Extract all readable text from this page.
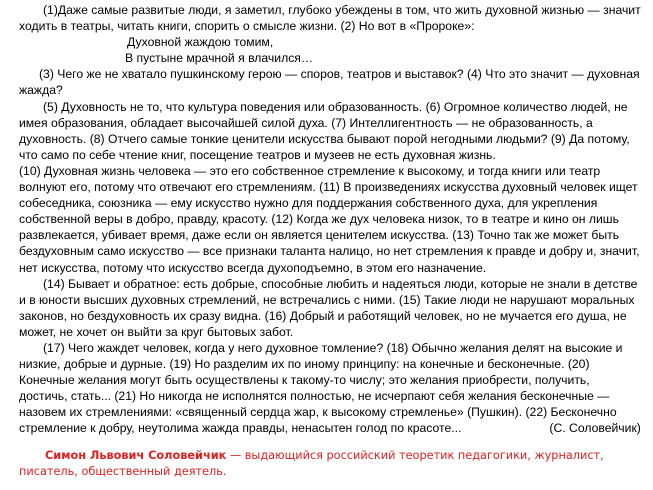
(1)Даже самые развитые люди, я заметил, глубоко убеждены в том, что жить духовной жизнью — значит ходить в театры, читать книги, спорить о смысле жизни. (2) Но вот в «Пророке»:

Духовной жаждою томим,
В пустыне мрачной я влачился…

(3) Чего же не хватало пушкинскому герою — споров, театров и выставок? (4) Что это значит — духовная жажда?

(5) Духовность не то, что культура поведения или образованность. (6) Огромное количество людей, не имея образования, обладает высочайшей силой духа. (7) Интеллигентность — не образованность, а духовность. (8) Отчего самые тонкие ценители искусства бывают порой негодными людьми? (9) Да потому, что само по себе чтение книг, посещение театров и музеев не есть духовная жизнь.

(10) Духовная жизнь человека — это его собственное стремление к высокому, и тогда книги или театр волнуют его, потому что отвечают его стремлениям. (11) В произведениях искусства духовный человек ищет собеседника, союзника — ему искусство нужно для поддержания собственного духа, для укрепления собственной веры в добро, правду, красоту. (12) Когда же дух человека низок, то в театре и кино он лишь развлекается, убивает время, даже если он является ценителем искусства. (13) Точно так же может быть бездуховным само искусство — все признаки таланта налицо, но нет стремления к правде и добру и, значит, нет искусства, потому что искусство всегда духоподъемно, в этом его назначение.

(14) Бывает и обратное: есть добрые, способные любить и надеяться люди, которые не знали в детстве и в юности высших духовных стремлений, не встречались с ними. (15) Такие люди не нарушают моральных законов, но бездуховность их сразу видна. (16) Добрый и работящий человек, но не мучается его душа, не может, не хочет он выйти за круг бытовых забот.

(17) Чего жаждет человек, когда у него духовное томление? (18) Обычно желания делят на высокие и низкие, добрые и дурные. (19) Но разделим их по иному принципу: на конечные и бесконечные. (20) Конечные желания могут быть осуществлены к такому-то числу; это желания приобрести, получить, достичь, стать... (21) Но никогда не исполнятся полностью, не исчерпают себя желания бесконечные — назовем их стремлениями: «священный сердца жар, к высокому стремленье» (Пушкин). (22) Бесконечно стремление к добру, неутолима жажда правды, ненасытен голод по красоте...	(С. Соловейчик)

Симон Львович Соловейчик — выдающийся российский теоретик педагогики, журналист, писатель, общественный деятель.
